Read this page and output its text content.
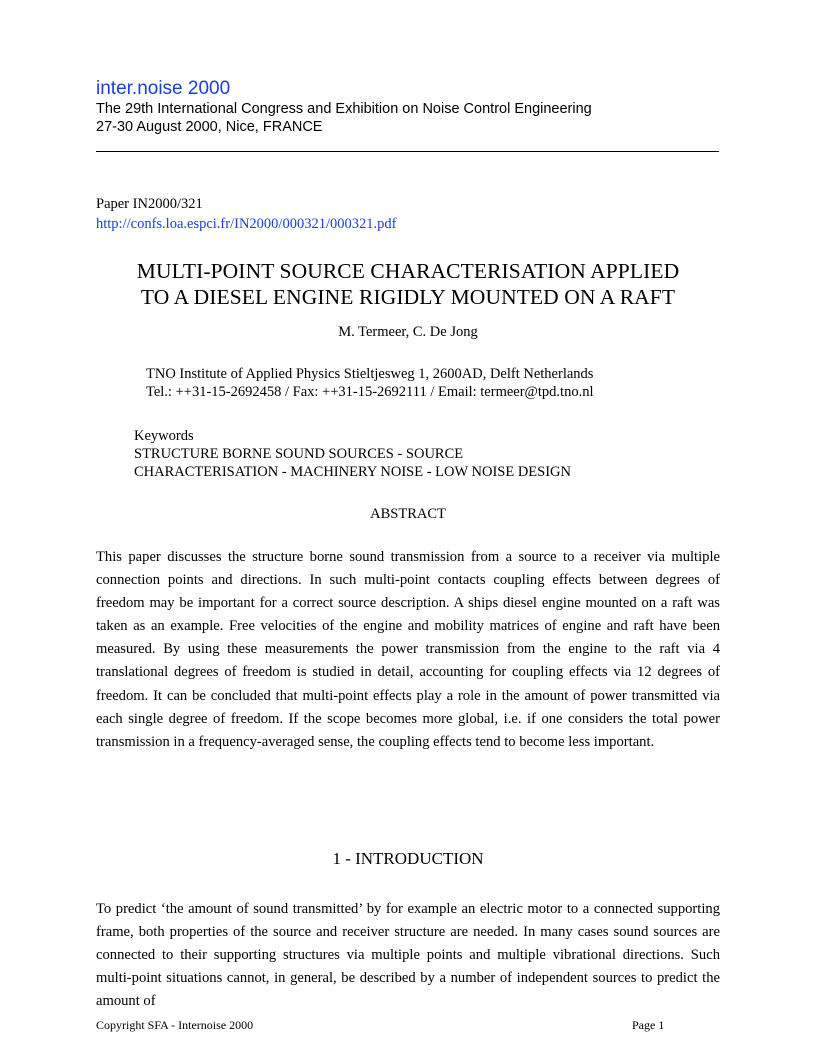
inter.noise 2000
The 29th International Congress and Exhibition on Noise Control Engineering
27-30 August 2000, Nice, FRANCE
Paper IN2000/321
http://confs.loa.espci.fr/IN2000/000321/000321.pdf
MULTI-POINT SOURCE CHARACTERISATION APPLIED
TO A DIESEL ENGINE RIGIDLY MOUNTED ON A RAFT
M. Termeer, C. De Jong
TNO Institute of Applied Physics Stieltjesweg 1, 2600AD, Delft Netherlands
Tel.: ++31-15-2692458 / Fax: ++31-15-2692111 / Email: termeer@tpd.tno.nl
Keywords
STRUCTURE BORNE SOUND SOURCES - SOURCE
CHARACTERISATION - MACHINERY NOISE - LOW NOISE DESIGN
ABSTRACT
This paper discusses the structure borne sound transmission from a source to a receiver via multiple connection points and directions. In such multi-point contacts coupling effects between degrees of freedom may be important for a correct source description. A ships diesel engine mounted on a raft was taken as an example. Free velocities of the engine and mobility matrices of engine and raft have been measured. By using these measurements the power transmission from the engine to the raft via 4 translational degrees of freedom is studied in detail, accounting for coupling effects via 12 degrees of freedom. It can be concluded that multi-point effects play a role in the amount of power transmitted via each single degree of freedom. If the scope becomes more global, i.e. if one considers the total power transmission in a frequency-averaged sense, the coupling effects tend to become less important.
1 - INTRODUCTION
To predict ‘the amount of sound transmitted’ by for example an electric motor to a connected supporting frame, both properties of the source and receiver structure are needed. In many cases sound sources are connected to their supporting structures via multiple points and multiple vibrational directions. Such multi-point situations cannot, in general, be described by a number of independent sources to predict the amount of
Copyright SFA - Internoise 2000	Page 1
